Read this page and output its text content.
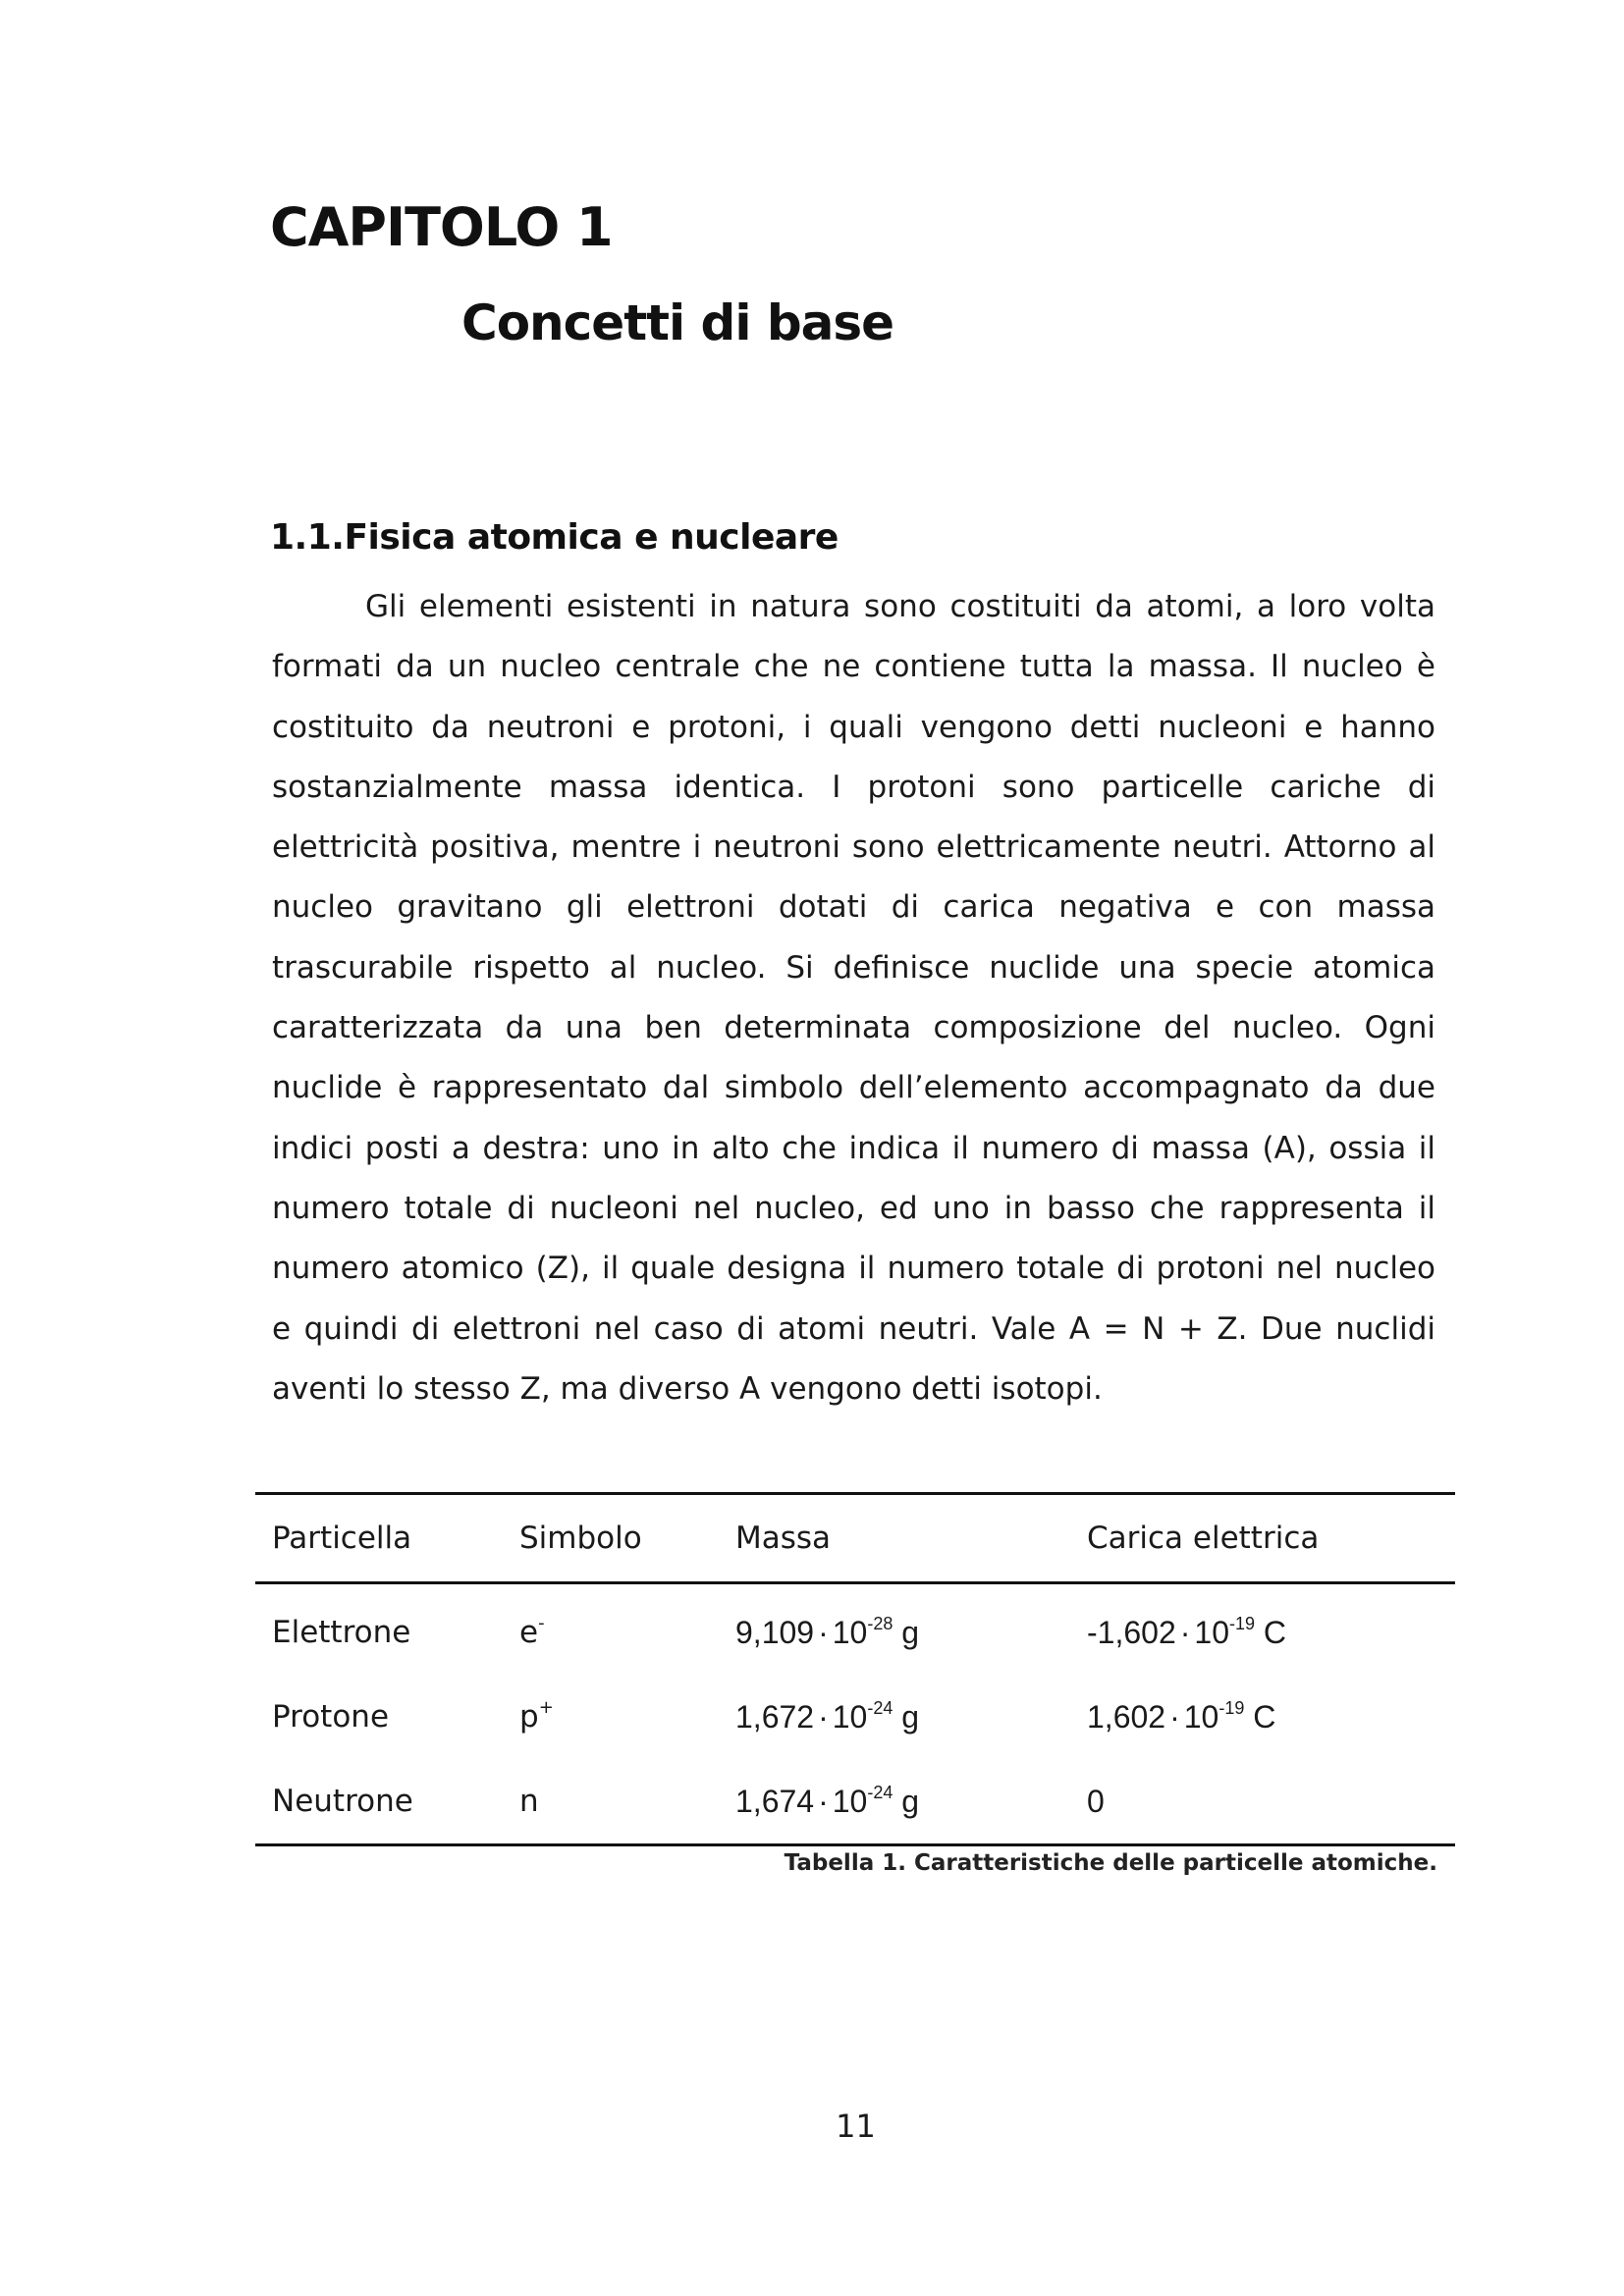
CAPITOLO 1
Concetti di base
1.1.Fisica atomica e nucleare

Gli elementi esistenti in natura sono costituiti da atomi, a loro volta formati da un nucleo centrale che ne contiene tutta la massa. Il nucleo è costituito da neutroni e protoni, i quali vengono detti nucleoni e hanno sostanzialmente massa identica. I protoni sono particelle cariche di elettricità positiva, mentre i neutroni sono elettricamente neutri. Attorno al nucleo gravitano gli elettroni dotati di carica negativa e con massa trascurabile rispetto al nucleo. Si definisce nuclide una specie atomica caratterizzata da una ben determinata composizione del nucleo. Ogni nuclide è rappresentato dal simbolo dell’elemento accompagnato da due indici posti a destra: uno in alto che indica il numero di massa (A), ossia il numero totale di nucleoni nel nucleo, ed uno in basso che rappresenta il numero atomico (Z), il quale designa il numero totale di protoni nel nucleo e quindi di elettroni nel caso di atomi neutri. Vale A = N + Z. Due nuclidi aventi lo stesso Z, ma diverso A vengono detti isotopi.

Particella	Simbolo	Massa	Carica elettrica
Elettrone	e-	$9,109 \cdot 10^{-28}$ g	$-1,602 \cdot 10^{-19}$ C
Protone	p+	$1,672 \cdot 10^{-24}$ g	$1,602 \cdot 10^{-19}$ C
Neutrone	n	$1,674 \cdot 10^{-24}$ g	0

Tabella 1. Caratteristiche delle particelle atomiche.

11
